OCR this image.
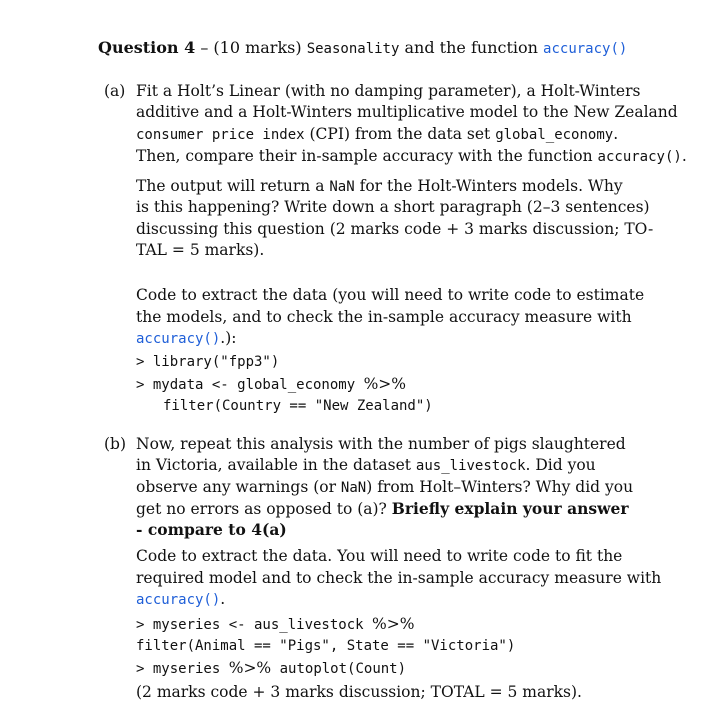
Question 4 – (10 marks) Seasonality and the function accuracy()
(a) Fit a Holt’s Linear (with no damping parameter), a Holt-Winters
additive and a Holt-Winters multiplicative model to the New Zealand
consumer price index (CPI) from the data set global_economy.
Then, compare their in-sample accuracy with the function accuracy().
The output will return a NaN for the Holt-Winters models. Why
is this happening? Write down a short paragraph (2–3 sentences)
discussing this question (2 marks code + 3 marks discussion; TO-
TAL = 5 marks).
Code to extract the data (you will need to write code to estimate
the models, and to check the in-sample accuracy measure with
accuracy().):
> library("fpp3")
> mydata <- global_economy %>%
filter(Country == "New Zealand")
(b) Now, repeat this analysis with the number of pigs slaughtered
in Victoria, available in the dataset aus_livestock. Did you
observe any warnings (or NaN) from Holt–Winters? Why did you
get no errors as opposed to (a)? Briefly explain your answer
- compare to 4(a)
Code to extract the data. You will need to write code to fit the
required model and to check the in-sample accuracy measure with
accuracy().
> myseries <- aus_livestock %>%
filter(Animal == "Pigs", State == "Victoria")
> myseries %>% autoplot(Count)
(2 marks code + 3 marks discussion; TOTAL = 5 marks).
